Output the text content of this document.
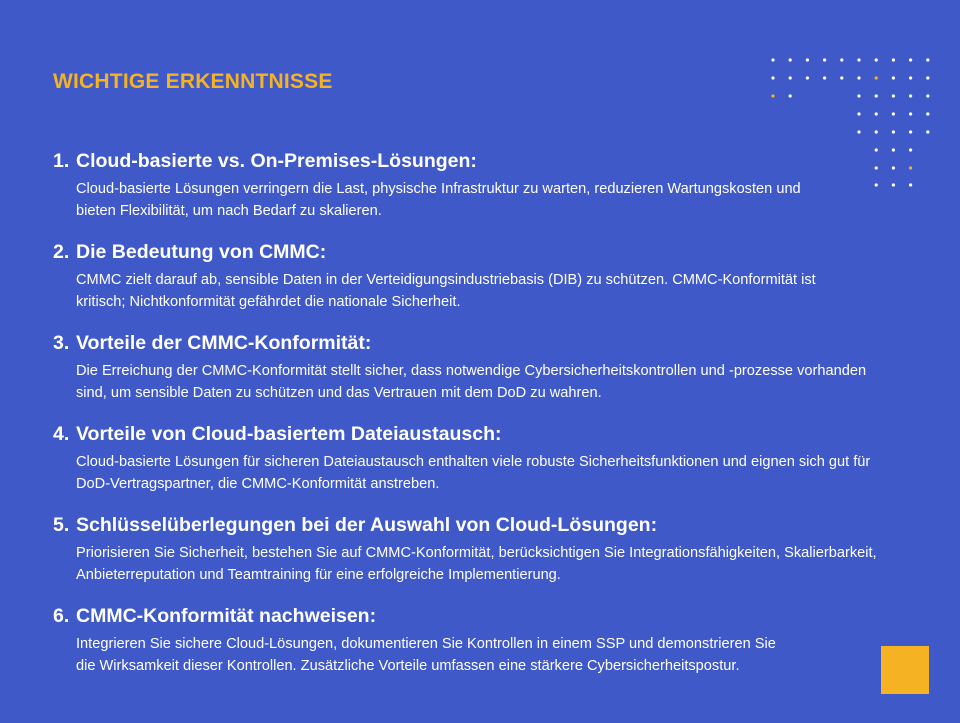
WICHTIGE ERKENNTNISSE
1. Cloud-basierte vs. On-Premises-Lösungen:
Cloud-basierte Lösungen verringern die Last, physische Infrastruktur zu warten, reduzieren Wartungskosten und bieten Flexibilität, um nach Bedarf zu skalieren.
2. Die Bedeutung von CMMC:
CMMC zielt darauf ab, sensible Daten in der Verteidigungsindustriebasis (DIB) zu schützen. CMMC-Konformität ist kritisch; Nichtkonformität gefährdet die nationale Sicherheit.
3. Vorteile der CMMC-Konformität:
Die Erreichung der CMMC-Konformität stellt sicher, dass notwendige Cybersicherheitskontrollen und -prozesse vorhanden sind, um sensible Daten zu schützen und das Vertrauen mit dem DoD zu wahren.
4. Vorteile von Cloud-basiertem Dateiaustausch:
Cloud-basierte Lösungen für sicheren Dateiaustausch enthalten viele robuste Sicherheitsfunktionen und eignen sich gut für DoD-Vertragspartner, die CMMC-Konformität anstreben.
5. Schlüsselüberlegungen bei der Auswahl von Cloud-Lösungen:
Priorisieren Sie Sicherheit, bestehen Sie auf CMMC-Konformität, berücksichtigen Sie Integrationsfähigkeiten, Skalierbarkeit, Anbieterreputation und Teamtraining für eine erfolgreiche Implementierung.
6. CMMC-Konformität nachweisen:
Integrieren Sie sichere Cloud-Lösungen, dokumentieren Sie Kontrollen in einem SSP und demonstrieren Sie die Wirksamkeit dieser Kontrollen. Zusätzliche Vorteile umfassen eine stärkere Cybersicherheitspostur.
